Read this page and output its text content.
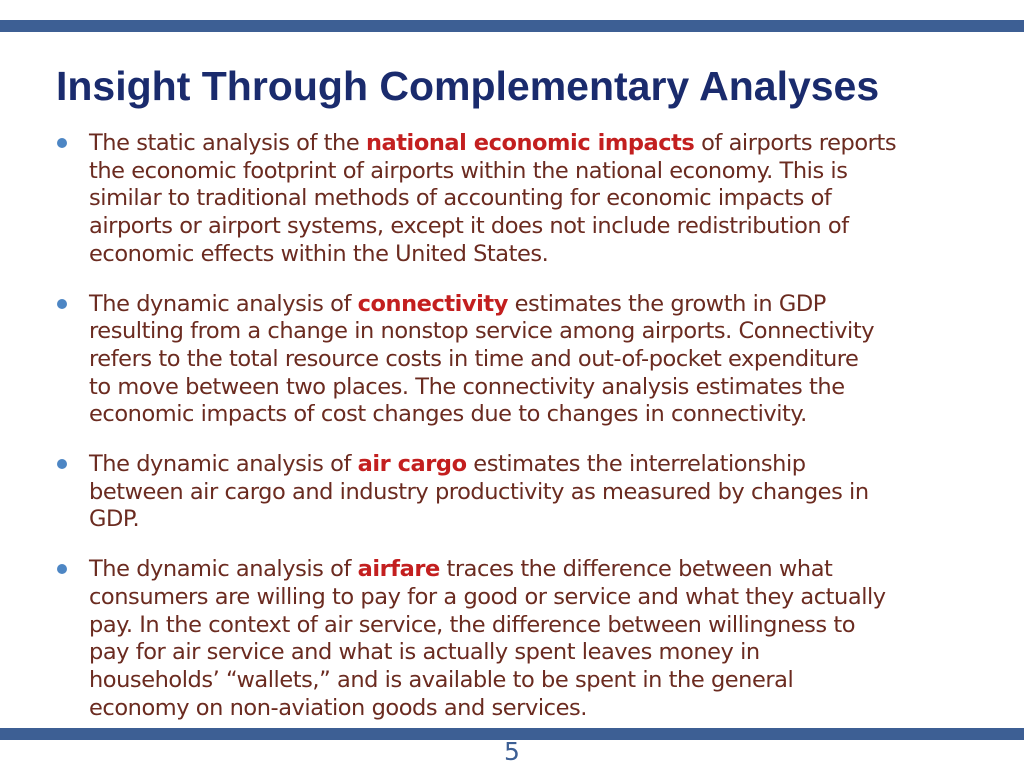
Insight Through Complementary Analyses
The static analysis of the national economic impacts of airports reports
the economic footprint of airports within the national economy. This is
similar to traditional methods of accounting for economic impacts of
airports or airport systems, except it does not include redistribution of
economic effects within the United States.
The dynamic analysis of connectivity estimates the growth in GDP
resulting from a change in nonstop service among airports. Connectivity
refers to the total resource costs in time and out-of-pocket expenditure
to move between two places. The connectivity analysis estimates the
economic impacts of cost changes due to changes in connectivity.
The dynamic analysis of air cargo estimates the interrelationship
between air cargo and industry productivity as measured by changes in
GDP.
The dynamic analysis of airfare traces the difference between what
consumers are willing to pay for a good or service and what they actually
pay. In the context of air service, the difference between willingness to
pay for air service and what is actually spent leaves money in
households’ “wallets,” and is available to be spent in the general
economy on non-aviation goods and services.
5
